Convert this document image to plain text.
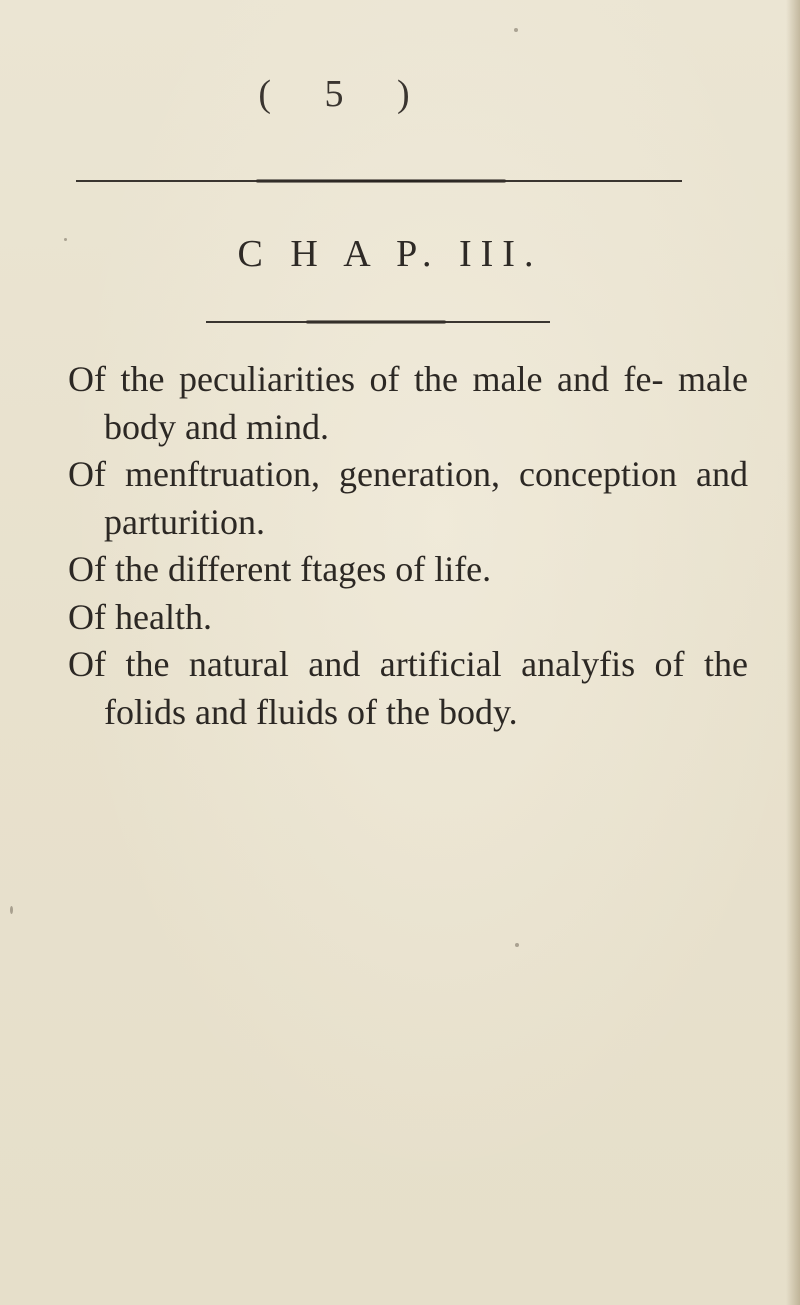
( 5 )
C H A P. III.

Of the peculiarities of the male and fe- male body and mind.

Of menftruation, generation, conception and parturition.

Of the different ftages of life.

Of health.

Of the natural and artificial analyfis of the folids and fluids of the body.
